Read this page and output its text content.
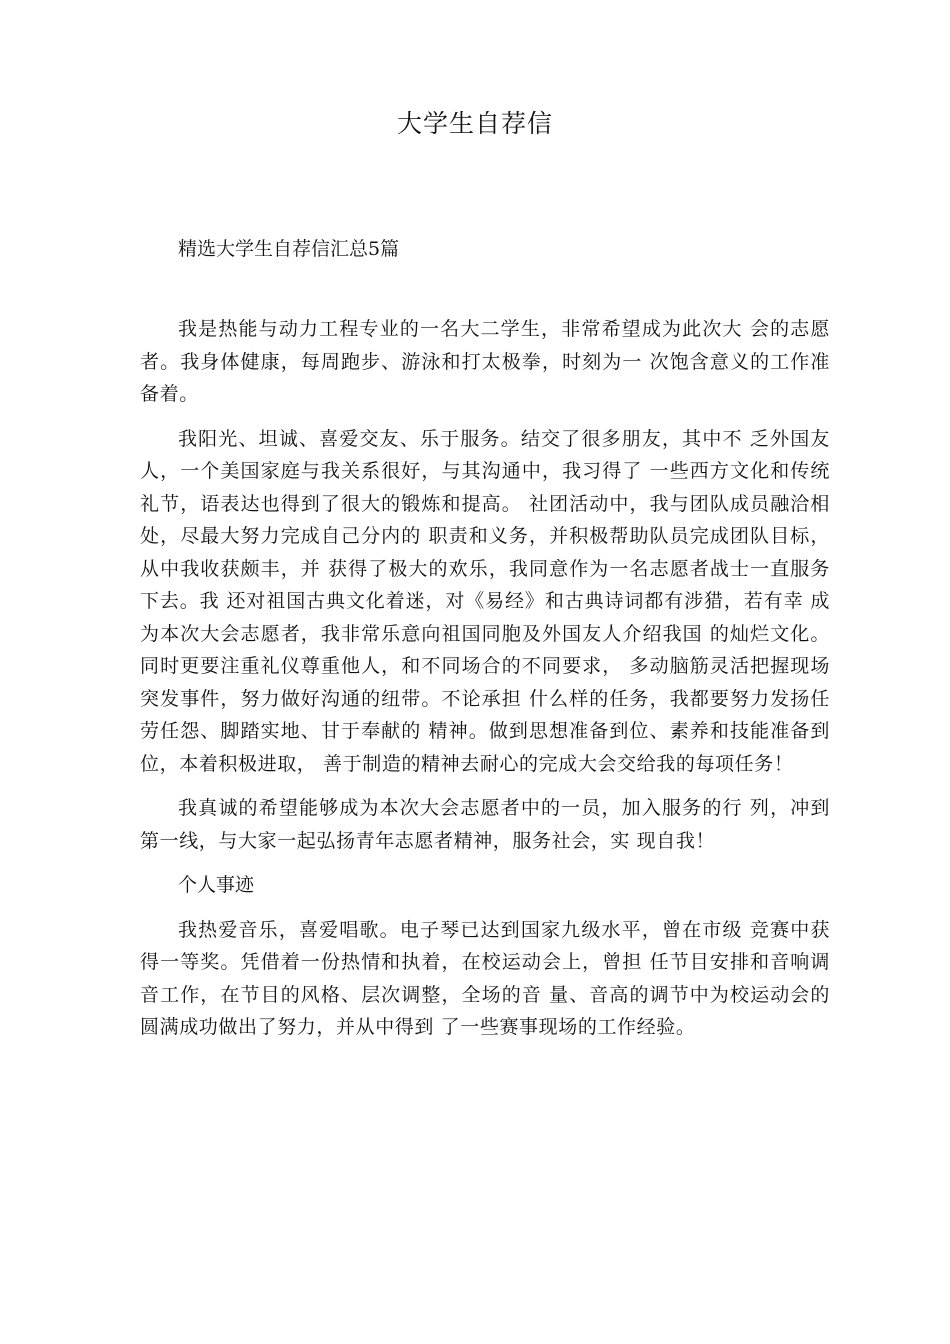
大学生自荐信

精选大学生自荐信汇总5篇

我是热能与动力工程专业的一名大二学生，非常希望成为此次大 会的志愿者。我身体健康，每周跑步、游泳和打太极拳，时刻为一 次饱含意义的工作准备着。

我阳光、坦诚、喜爱交友、乐于服务。结交了很多朋友，其中不 乏外国友人，一个美国家庭与我关系很好，与其沟通中，我习得了 一些西方文化和传统礼节，语表达也得到了很大的锻炼和提高。 社团活动中，我与团队成员融洽相处，尽最大努力完成自己分内的 职责和义务，并积极帮助队员完成团队目标，从中我收获颇丰，并 获得了极大的欢乐，我同意作为一名志愿者战士一直服务下去。我 还对祖国古典文化着迷，对《易经》和古典诗词都有涉猎，若有幸 成为本次大会志愿者，我非常乐意向祖国同胞及外国友人介绍我国 的灿烂文化。同时更要注重礼仪尊重他人，和不同场合的不同要求， 多动脑筋灵活把握现场突发事件，努力做好沟通的纽带。不论承担 什么样的任务，我都要努力发扬任劳任怨、脚踏实地、甘于奉献的 精神。做到思想准备到位、素养和技能准备到位，本着积极进取， 善于制造的精神去耐心的完成大会交给我的每项任务！

我真诚的希望能够成为本次大会志愿者中的一员，加入服务的行 列，冲到第一线，与大家一起弘扬青年志愿者精神，服务社会，实 现自我！

个人事迹

我热爱音乐，喜爱唱歌。电子琴已达到国家九级水平，曾在市级 竞赛中获得一等奖。凭借着一份热情和执着，在校运动会上，曾担 任节目安排和音响调音工作，在节目的风格、层次调整，全场的音 量、音高的调节中为校运动会的圆满成功做出了努力，并从中得到 了一些赛事现场的工作经验。
